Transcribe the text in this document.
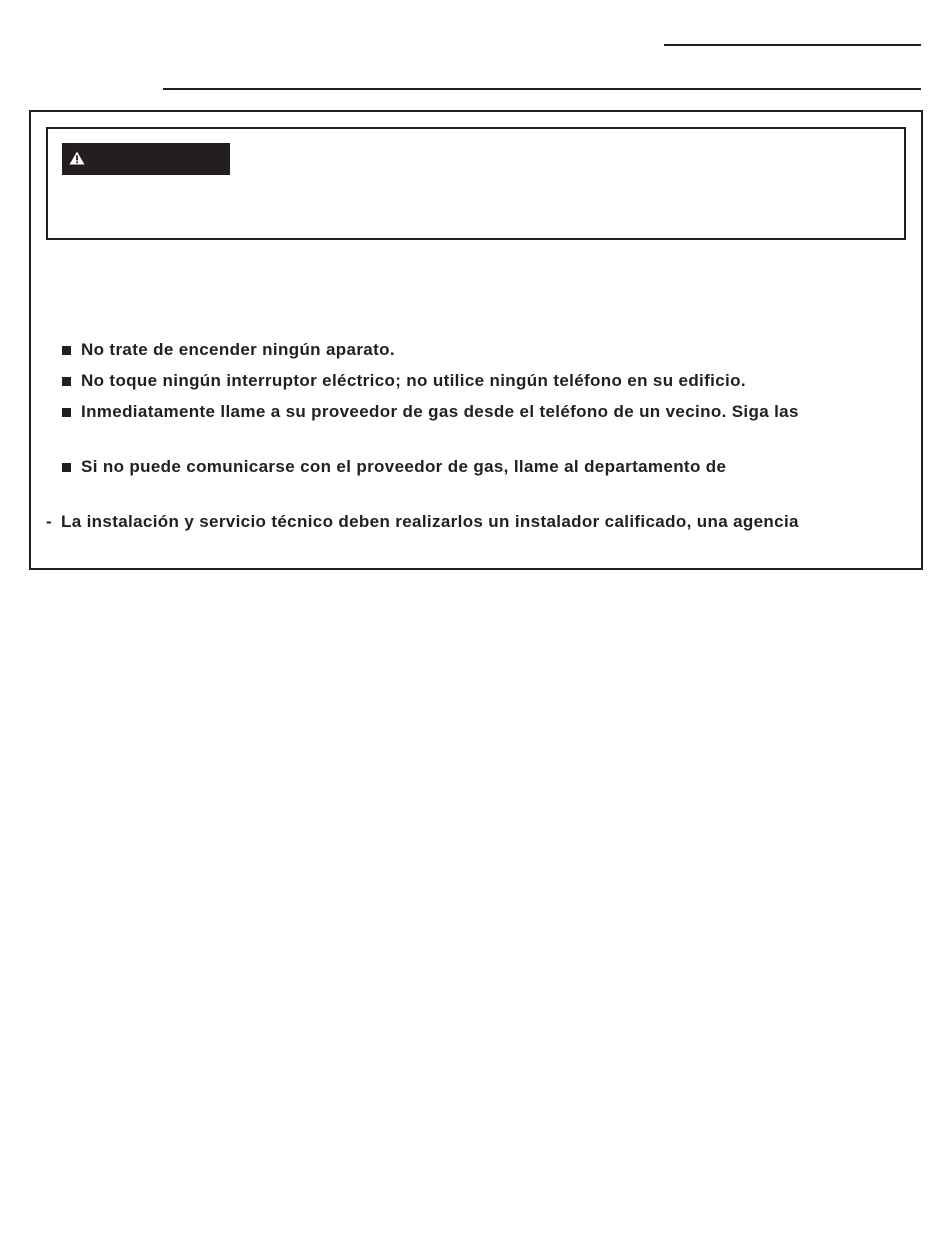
No trate de encender ningún aparato.
No toque ningún interruptor eléctrico; no utilice ningún teléfono en su edificio.
Inmediatamente llame a su proveedor de gas desde el teléfono de un vecino. Siga las
Si no puede comunicarse con el proveedor de gas, llame al departamento de
- La instalación y servicio técnico deben realizarlos un instalador calificado, una agencia
